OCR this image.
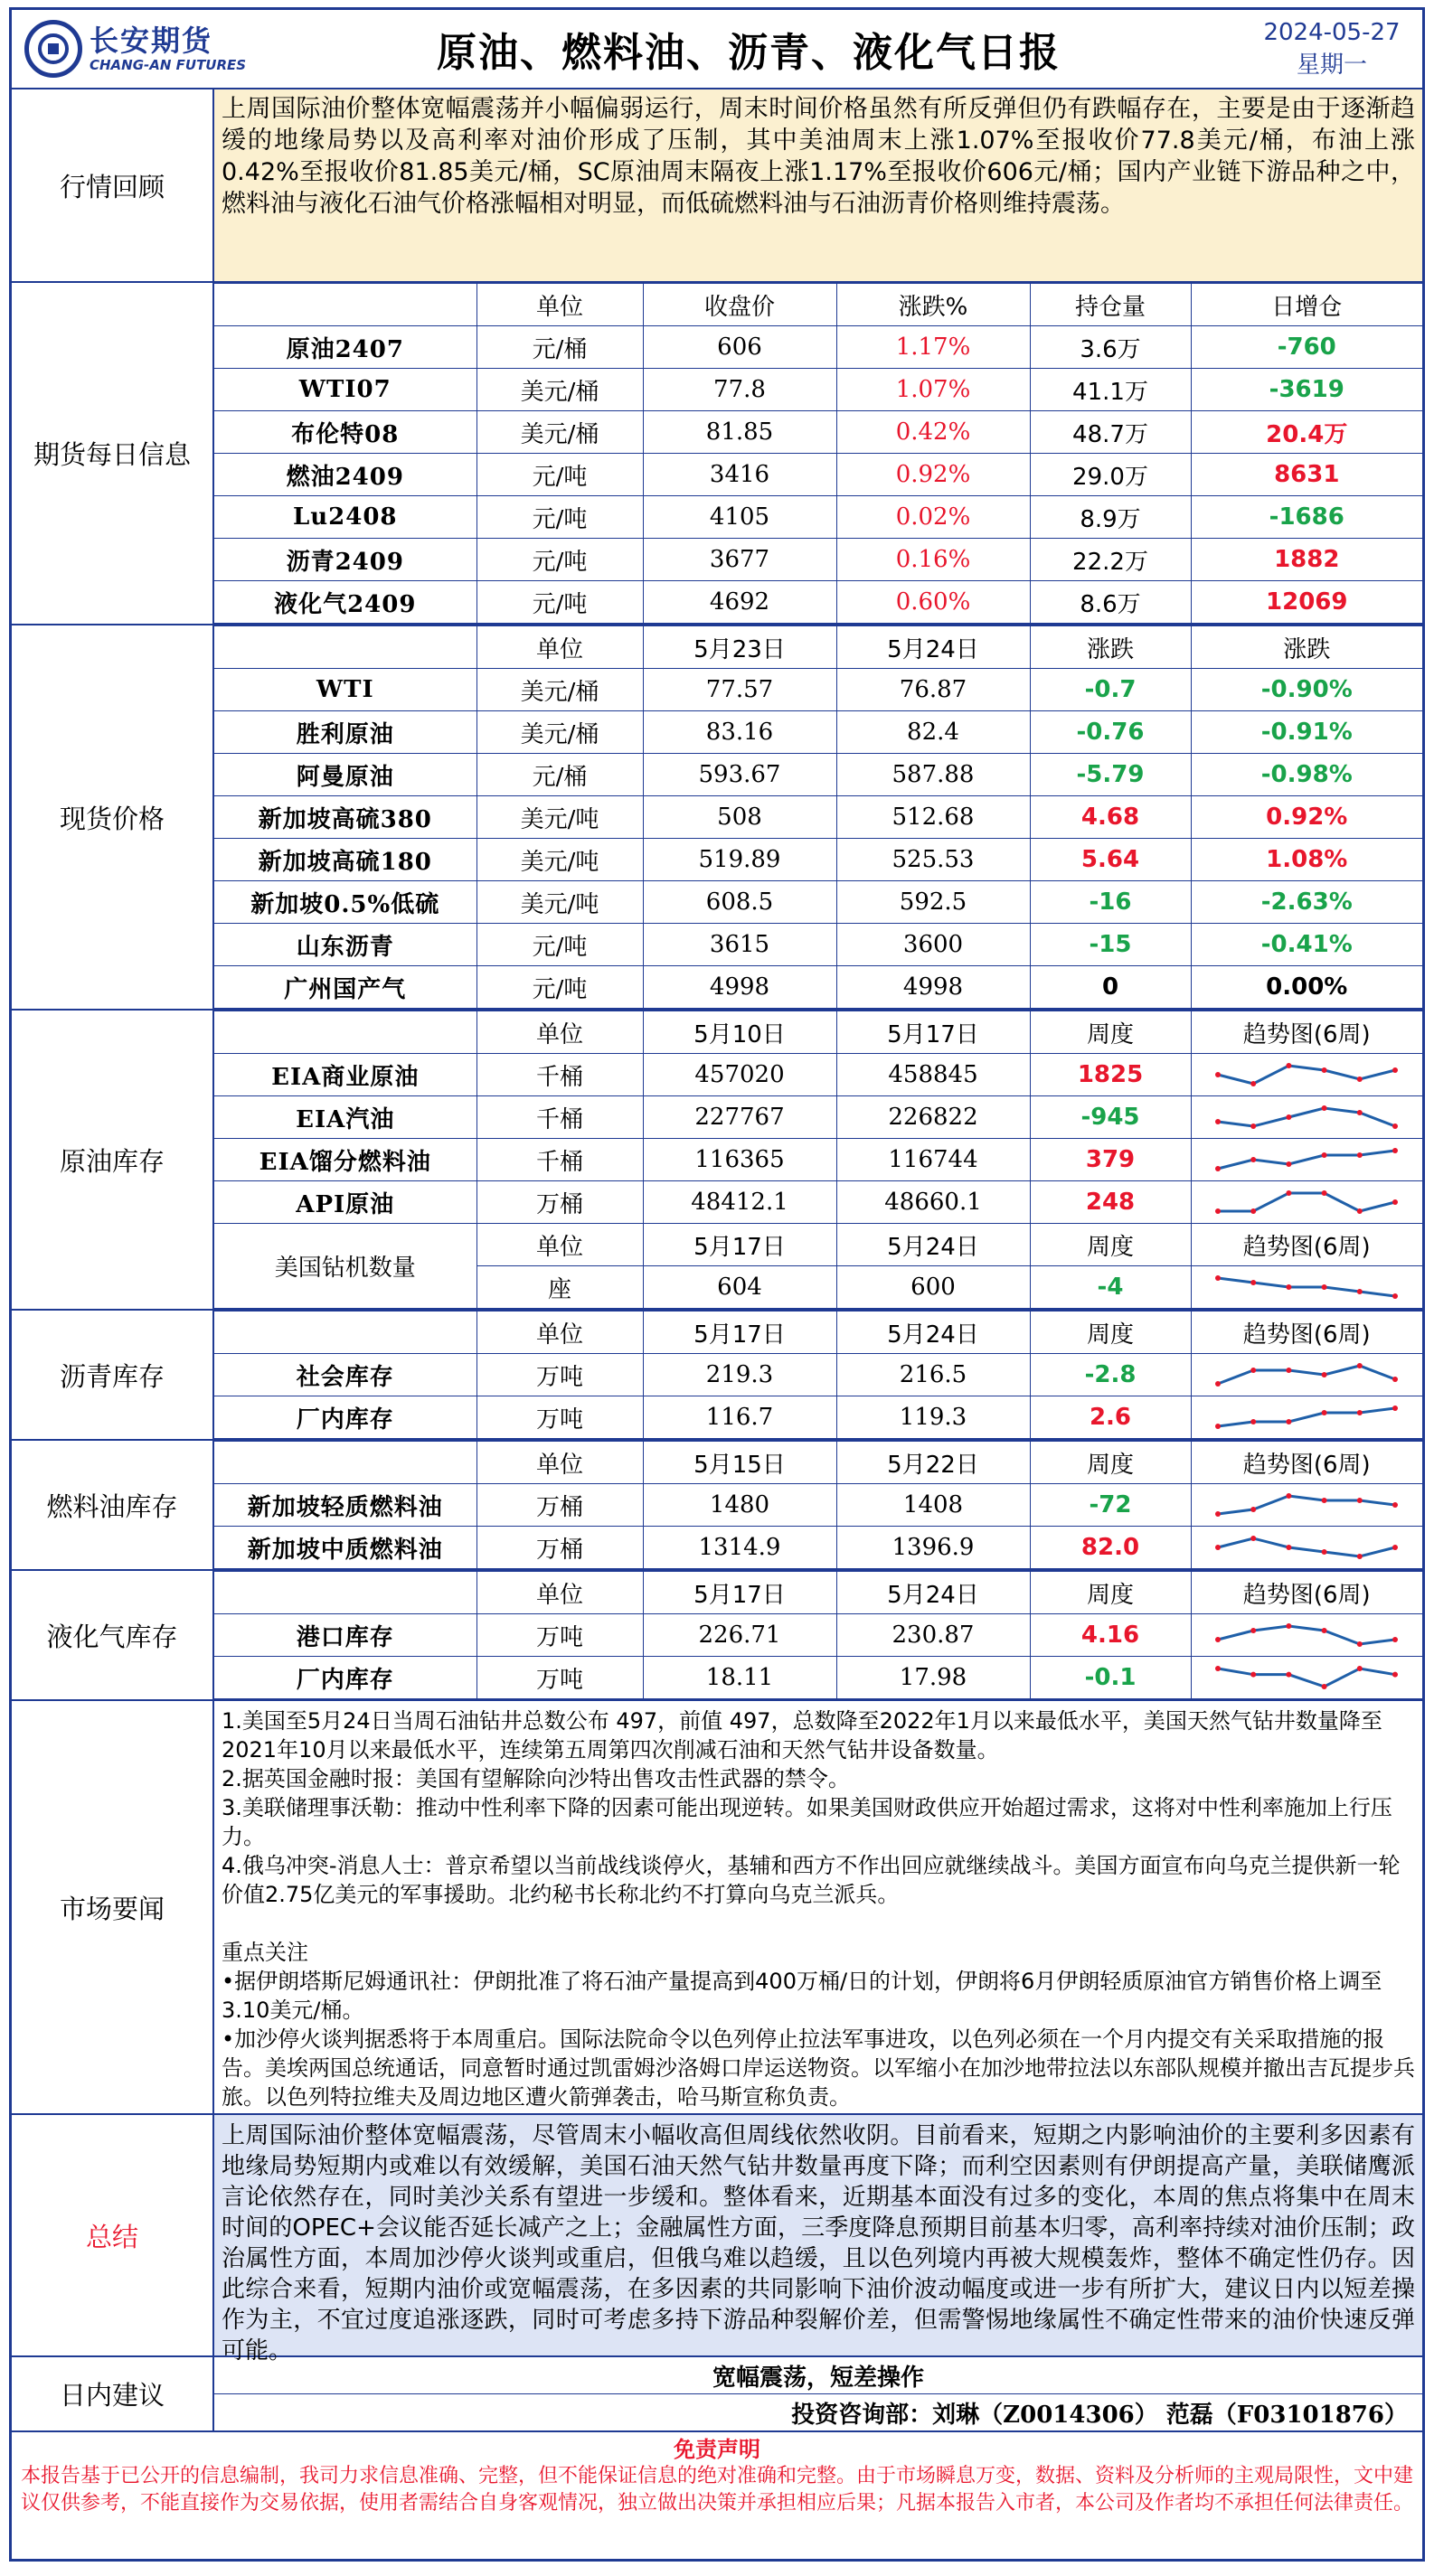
长安期货
CHANG-AN FUTURES	原油、燃料油、沥青、液化气日报	2024-05-27
星期一
行情回顾
上周国际油价整体宽幅震荡并小幅偏弱运行，周末时间价格虽然有所反弹但仍有跌幅存在，主要是由于逐渐趋缓的地缘局势以及高利率对油价形成了压制，其中美油周末上涨1.07%至报收价77.8美元/桶，布油上涨0.42%至报收价81.85美元/桶，SC原油周末隔夜上涨1.17%至报收价606元/桶；国内产业链下游品种之中，燃料油与液化石油气价格涨幅相对明显，而低硫燃料油与石油沥青价格则维持震荡。
期货每日信息
	单位	收盘价	涨跌%	持仓量	日增仓
原油2407	元/桶	606	1.17%	3.6万	-760
WTI07	美元/桶	77.8	1.07%	41.1万	-3619
布伦特08	美元/桶	81.85	0.42%	48.7万	20.4万
燃油2409	元/吨	3416	0.92%	29.0万	8631
Lu2408	元/吨	4105	0.02%	8.9万	-1686
沥青2409	元/吨	3677	0.16%	22.2万	1882
液化气2409	元/吨	4692	0.60%	8.6万	12069
现货价格
	单位	5月23日	5月24日	涨跌	涨跌
WTI	美元/桶	77.57	76.87	-0.7	-0.90%
胜利原油	美元/桶	83.16	82.4	-0.76	-0.91%
阿曼原油	元/桶	593.67	587.88	-5.79	-0.98%
新加坡高硫380	美元/吨	508	512.68	4.68	0.92%
新加坡高硫180	美元/吨	519.89	525.53	5.64	1.08%
新加坡0.5%低硫	美元/吨	608.5	592.5	-16	-2.63%
山东沥青	元/吨	3615	3600	-15	-0.41%
广州国产气	元/吨	4998	4998	0	0.00%
原油库存
	单位	5月10日	5月17日	周度	趋势图(6周)
EIA商业原油	千桶	457020	458845	1825	

EIA汽油	千桶	227767	226822	-945	

EIA馏分燃料油	千桶	116365	116744	379	

API原油	万桶	48412.1	48660.1	248	

美国钻机数量	单位	5月17日	5月24日	周度	趋势图(6周)
	座	604	600	-4	
沥青库存
	单位	5月17日	5月24日	周度	趋势图(6周)
社会库存	万吨	219.3	216.5	-2.8	

厂内库存	万吨	116.7	119.3	2.6	
燃料油库存
	单位	5月15日	5月22日	周度	趋势图(6周)
新加坡轻质燃料油	万桶	1480	1408	-72	

新加坡中质燃料油	万桶	1314.9	1396.9	82.0	
液化气库存
	单位	5月17日	5月24日	周度	趋势图(6周)
港口库存	万吨	226.71	230.87	4.16	

厂内库存	万吨	18.11	17.98	-0.1	
市场要闻

1.美国至5月24日当周石油钻井总数公布 497，前值 497，总数降至2022年1月以来最低水平，美国天然气钻井数量降至2021年10月以来最低水平，连续第五周第四次削减石油和天然气钻井设备数量。

2.据英国金融时报：美国有望解除向沙特出售攻击性武器的禁令。

3.美联储理事沃勒：推动中性利率下降的因素可能出现逆转。如果美国财政供应开始超过需求，这将对中性利率施加上行压力。

4.俄乌冲突-消息人士：普京希望以当前战线谈停火，基辅和西方不作出回应就继续战斗。美国方面宣布向乌克兰提供新一轮价值2.75亿美元的军事援助。北约秘书长称北约不打算向乌克兰派兵。

重点关注

•据伊朗塔斯尼姆通讯社：伊朗批准了将石油产量提高到400万桶/日的计划，伊朗将6月伊朗轻质原油官方销售价格上调至3.10美元/桶。

•加沙停火谈判据悉将于本周重启。国际法院命令以色列停止拉法军事进攻，以色列必须在一个月内提交有关采取措施的报告。美埃两国总统通话，同意暂时通过凯雷姆沙洛姆口岸运送物资。以军缩小在加沙地带拉法以东部队规模并撤出吉瓦提步兵旅。以色列特拉维夫及周边地区遭火箭弹袭击，哈马斯宣称负责。

总结
上周国际油价整体宽幅震荡，尽管周末小幅收高但周线依然收阴。目前看来，短期之内影响油价的主要利多因素有地缘局势短期内或难以有效缓解，美国石油天然气钻井数量再度下降；而利空因素则有伊朗提高产量，美联储鹰派言论依然存在，同时美沙关系有望进一步缓和。整体看来，近期基本面没有过多的变化，本周的焦点将集中在周末时间的OPEC+会议能否延长减产之上；金融属性方面，三季度降息预期目前基本归零，高利率持续对油价压制；政治属性方面，本周加沙停火谈判或重启，但俄乌难以趋缓，且以色列境内再被大规模轰炸，整体不确定性仍存。因此综合来看，短期内油价或宽幅震荡，在多因素的共同影响下油价波动幅度或进一步有所扩大，建议日内以短差操作为主，不宜过度追涨逐跌，同时可考虑多持下游品种裂解价差，但需警惕地缘属性不确定性带来的油价快速反弹可能。
日内建议
宽幅震荡，短差操作
投资咨询部：刘琳（Z0014306） 范磊（F03101876）
免责声明
本报告基于已公开的信息编制，我司力求信息准确、完整，但不能保证信息的绝对准确和完整。由于市场瞬息万变，数据、资料及分析师的主观局限性，文中建议仅供参考，不能直接作为交易依据，使用者需结合自身客观情况，独立做出决策并承担相应后果；凡据本报告入市者，本公司及作者均不承担任何法律责任。
